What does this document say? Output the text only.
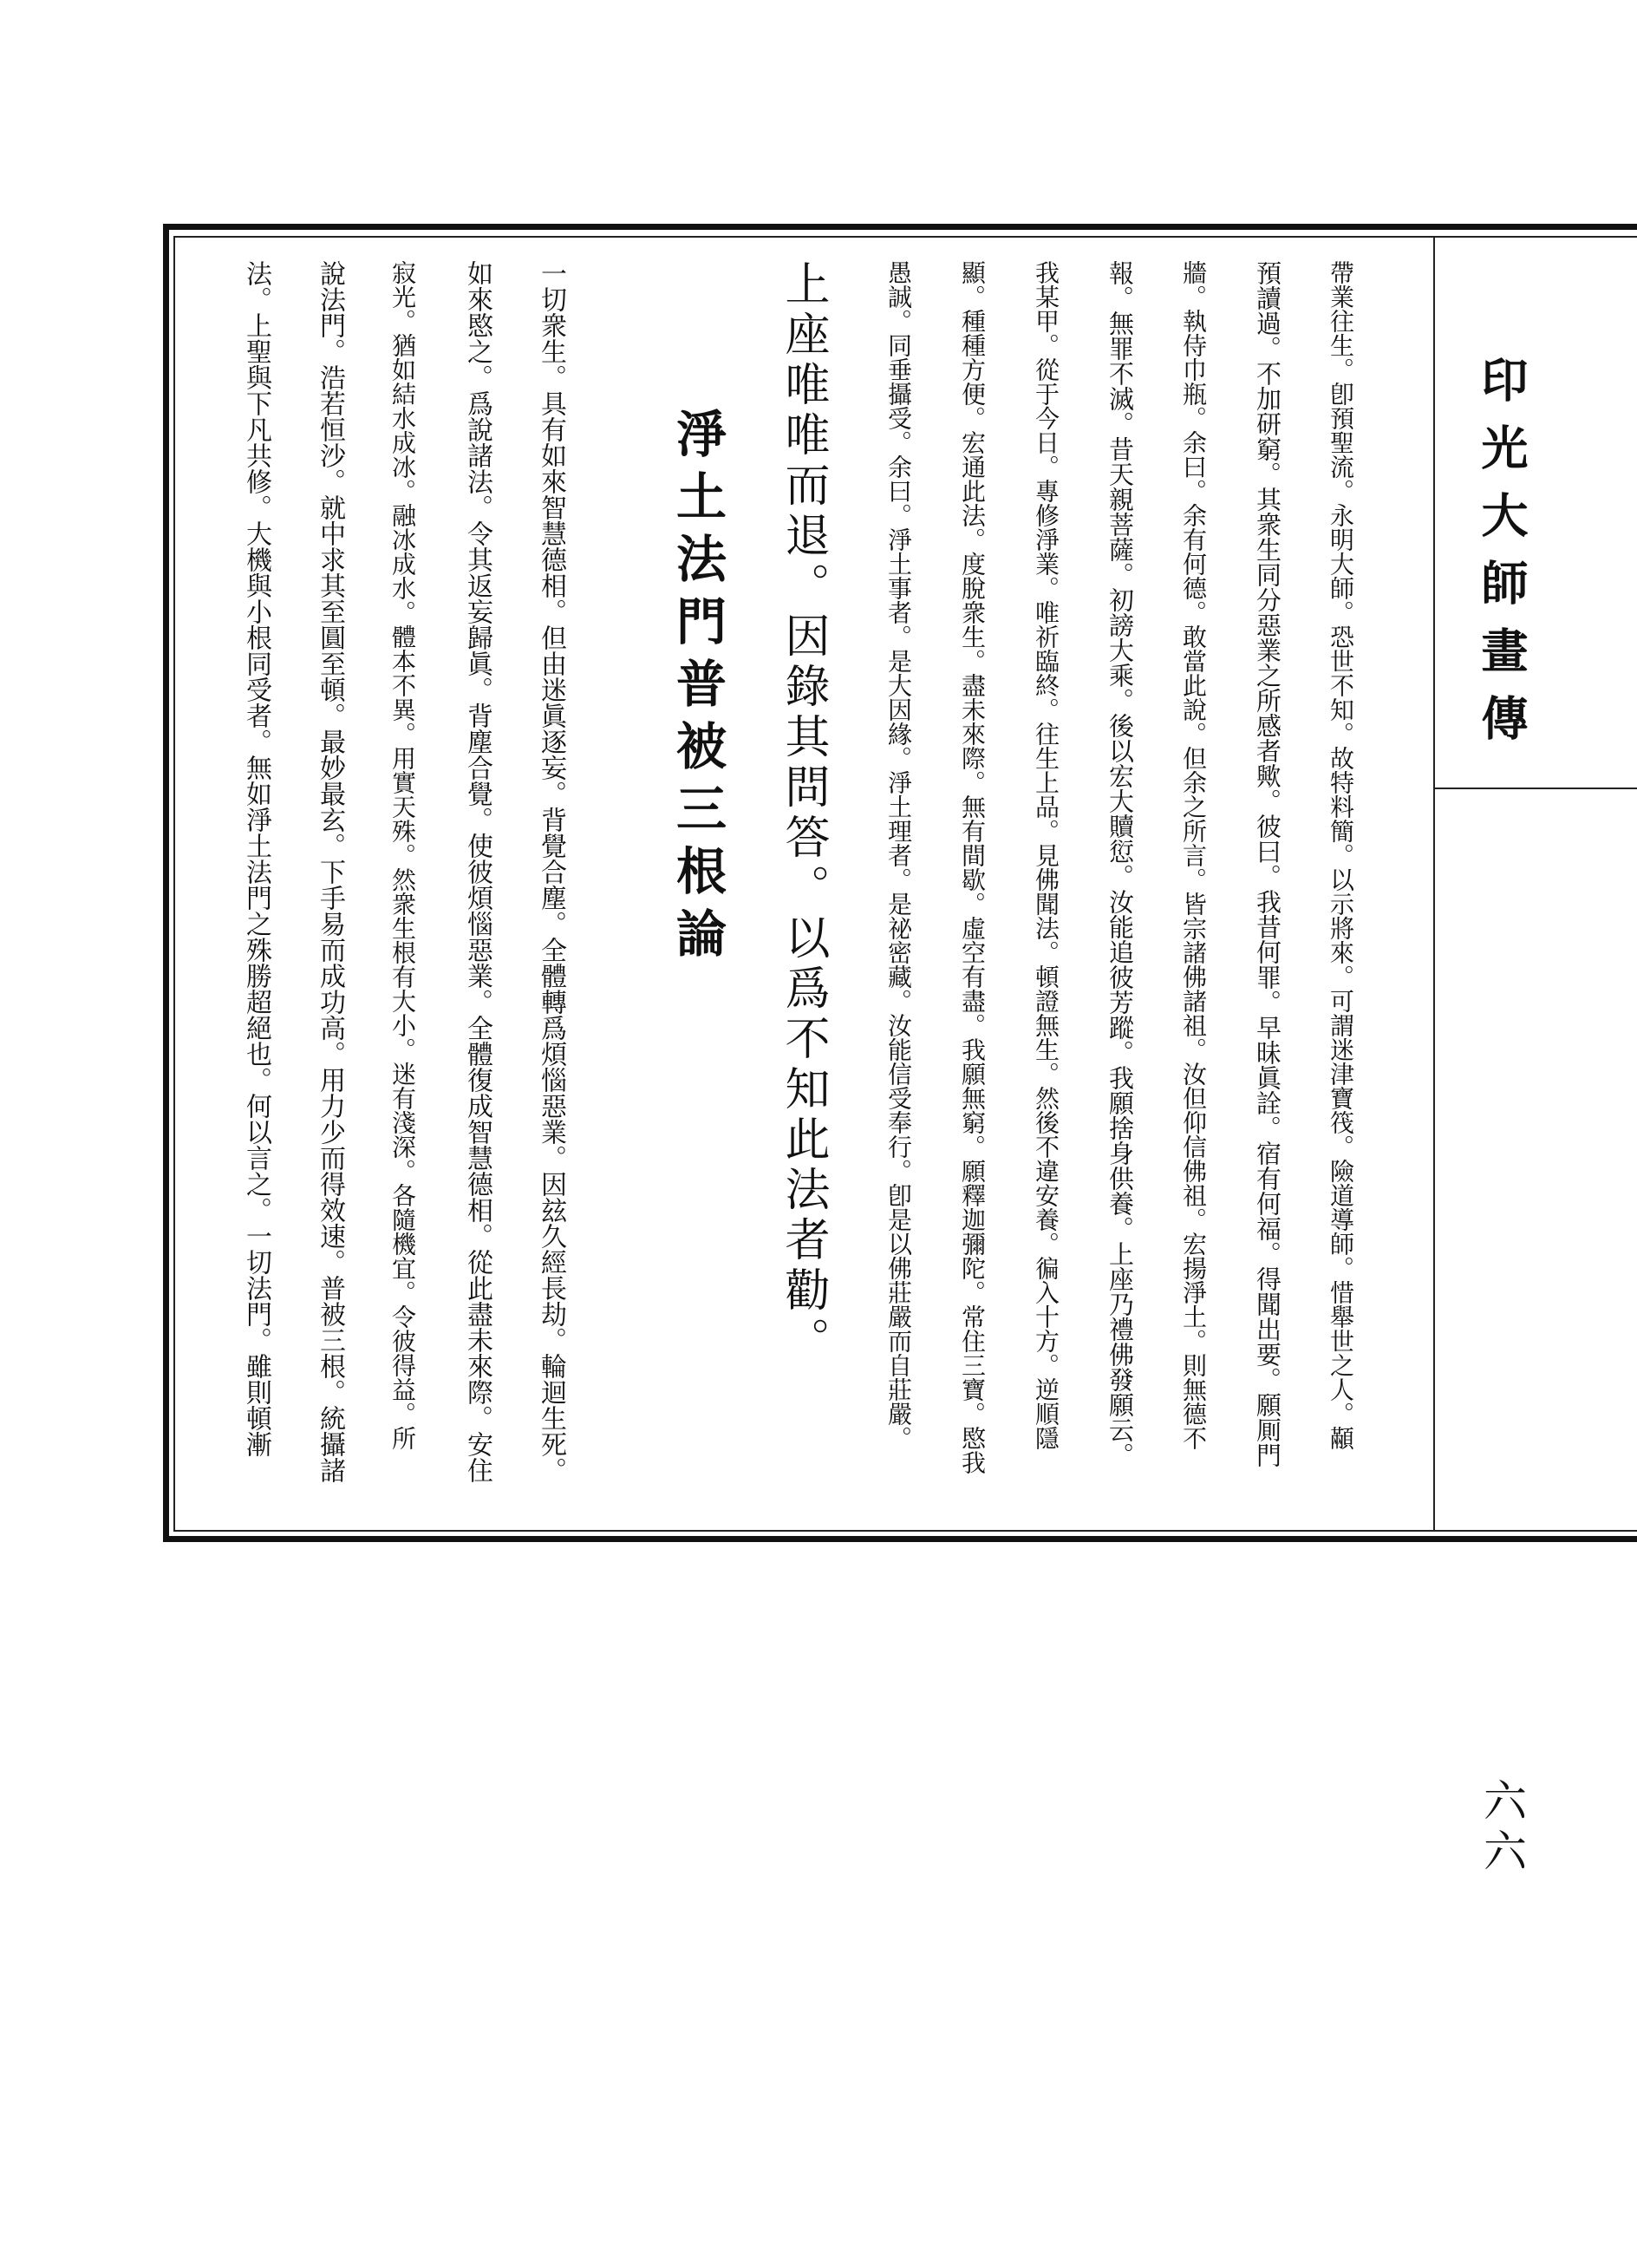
印光大師畫傳
六六
帶業往生。卽預聖流。永明大師。恐世不知。故特料簡。以示將來。可謂迷津寶筏。險道導師。惜舉世之人。顢
預讀過。不加研窮。其衆生同分惡業之所感者歟。彼曰。我昔何罪。早昧眞詮。宿有何福。得聞出要。願厠門
牆。執侍巾瓶。余曰。余有何德。敢當此說。但余之所言。皆宗諸佛諸祖。汝但仰信佛祖。宏揚淨土。則無德不
報。無罪不滅。昔天親菩薩。初謗大乘。後以宏大贖愆。汝能追彼芳蹤。我願捨身供養。上座乃禮佛發願云。
我某甲。從于今日。專修淨業。唯祈臨終。往生上品。見佛聞法。頓證無生。然後不違安養。徧入十方。逆順隱
顯。種種方便。宏通此法。度脫衆生。盡未來際。無有間歇。虛空有盡。我願無窮。願釋迦彌陀。常住三寶。愍我
愚誠。同垂攝受。余曰。淨土事者。是大因緣。淨土理者。是祕密藏。汝能信受奉行。卽是以佛莊嚴而自莊嚴。
上座唯唯而退。因錄其問答。以爲不知此法者勸。
淨土法門普被三根論
一切衆生。具有如來智慧德相。但由迷眞逐妄。背覺合塵。全體轉爲煩惱惡業。因玆久經長劫。輪迴生死。
如來愍之。爲說諸法。令其返妄歸眞。背塵合覺。使彼煩惱惡業。全體復成智慧德相。從此盡未來際。安住
寂光。猶如結水成冰。融冰成水。體本不異。用實天殊。然衆生根有大小。迷有淺深。各隨機宜。令彼得益。所
說法門。浩若恒沙。就中求其至圓至頓。最妙最玄。下手易而成功高。用力少而得效速。普被三根。統攝諸
法。上聖與下凡共修。大機與小根同受者。無如淨土法門之殊勝超絕也。何以言之。一切法門。雖則頓漸
